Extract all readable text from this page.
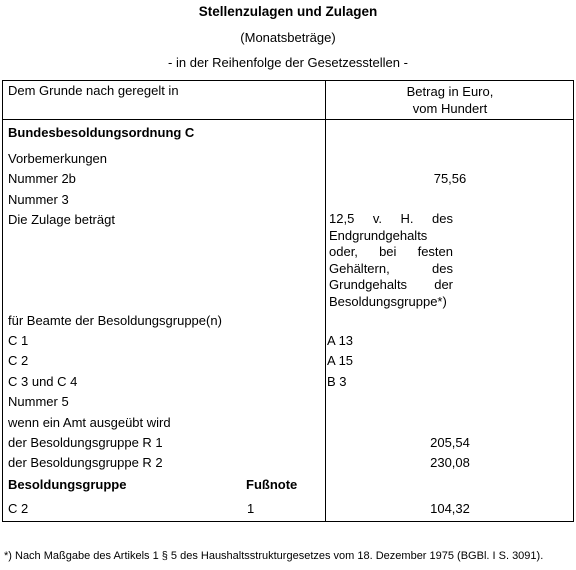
Stellenzulagen und Zulagen
(Monatsbeträge)
- in der Reihenfolge der Gesetzesstellen -
Dem Grunde nach geregelt in	Betrag in Euro,
vom Hundert
Bundesbesoldungsordnung C
Vorbemerkungen
Nummer 2b	75,56
Nummer 3
Die Zulage beträgt	12,5 v. H. des Endgrundgehalts oder, bei festen Gehältern, des Grundgehalts der Besoldungsgruppe*)
für Beamte der Besoldungsgruppe(n)
C 1	A 13
C 2	A 15
C 3 und C 4	B 3
Nummer 5
wenn ein Amt ausgeübt wird
der Besoldungsgruppe R 1	205,54
der Besoldungsgruppe R 2	230,08
Besoldungsgruppe	Fußnote
C 2	1	104,32
*) Nach Maßgabe des Artikels 1 § 5 des Haushaltsstrukturgesetzes vom 18. Dezember 1975 (BGBl. I S. 3091).
